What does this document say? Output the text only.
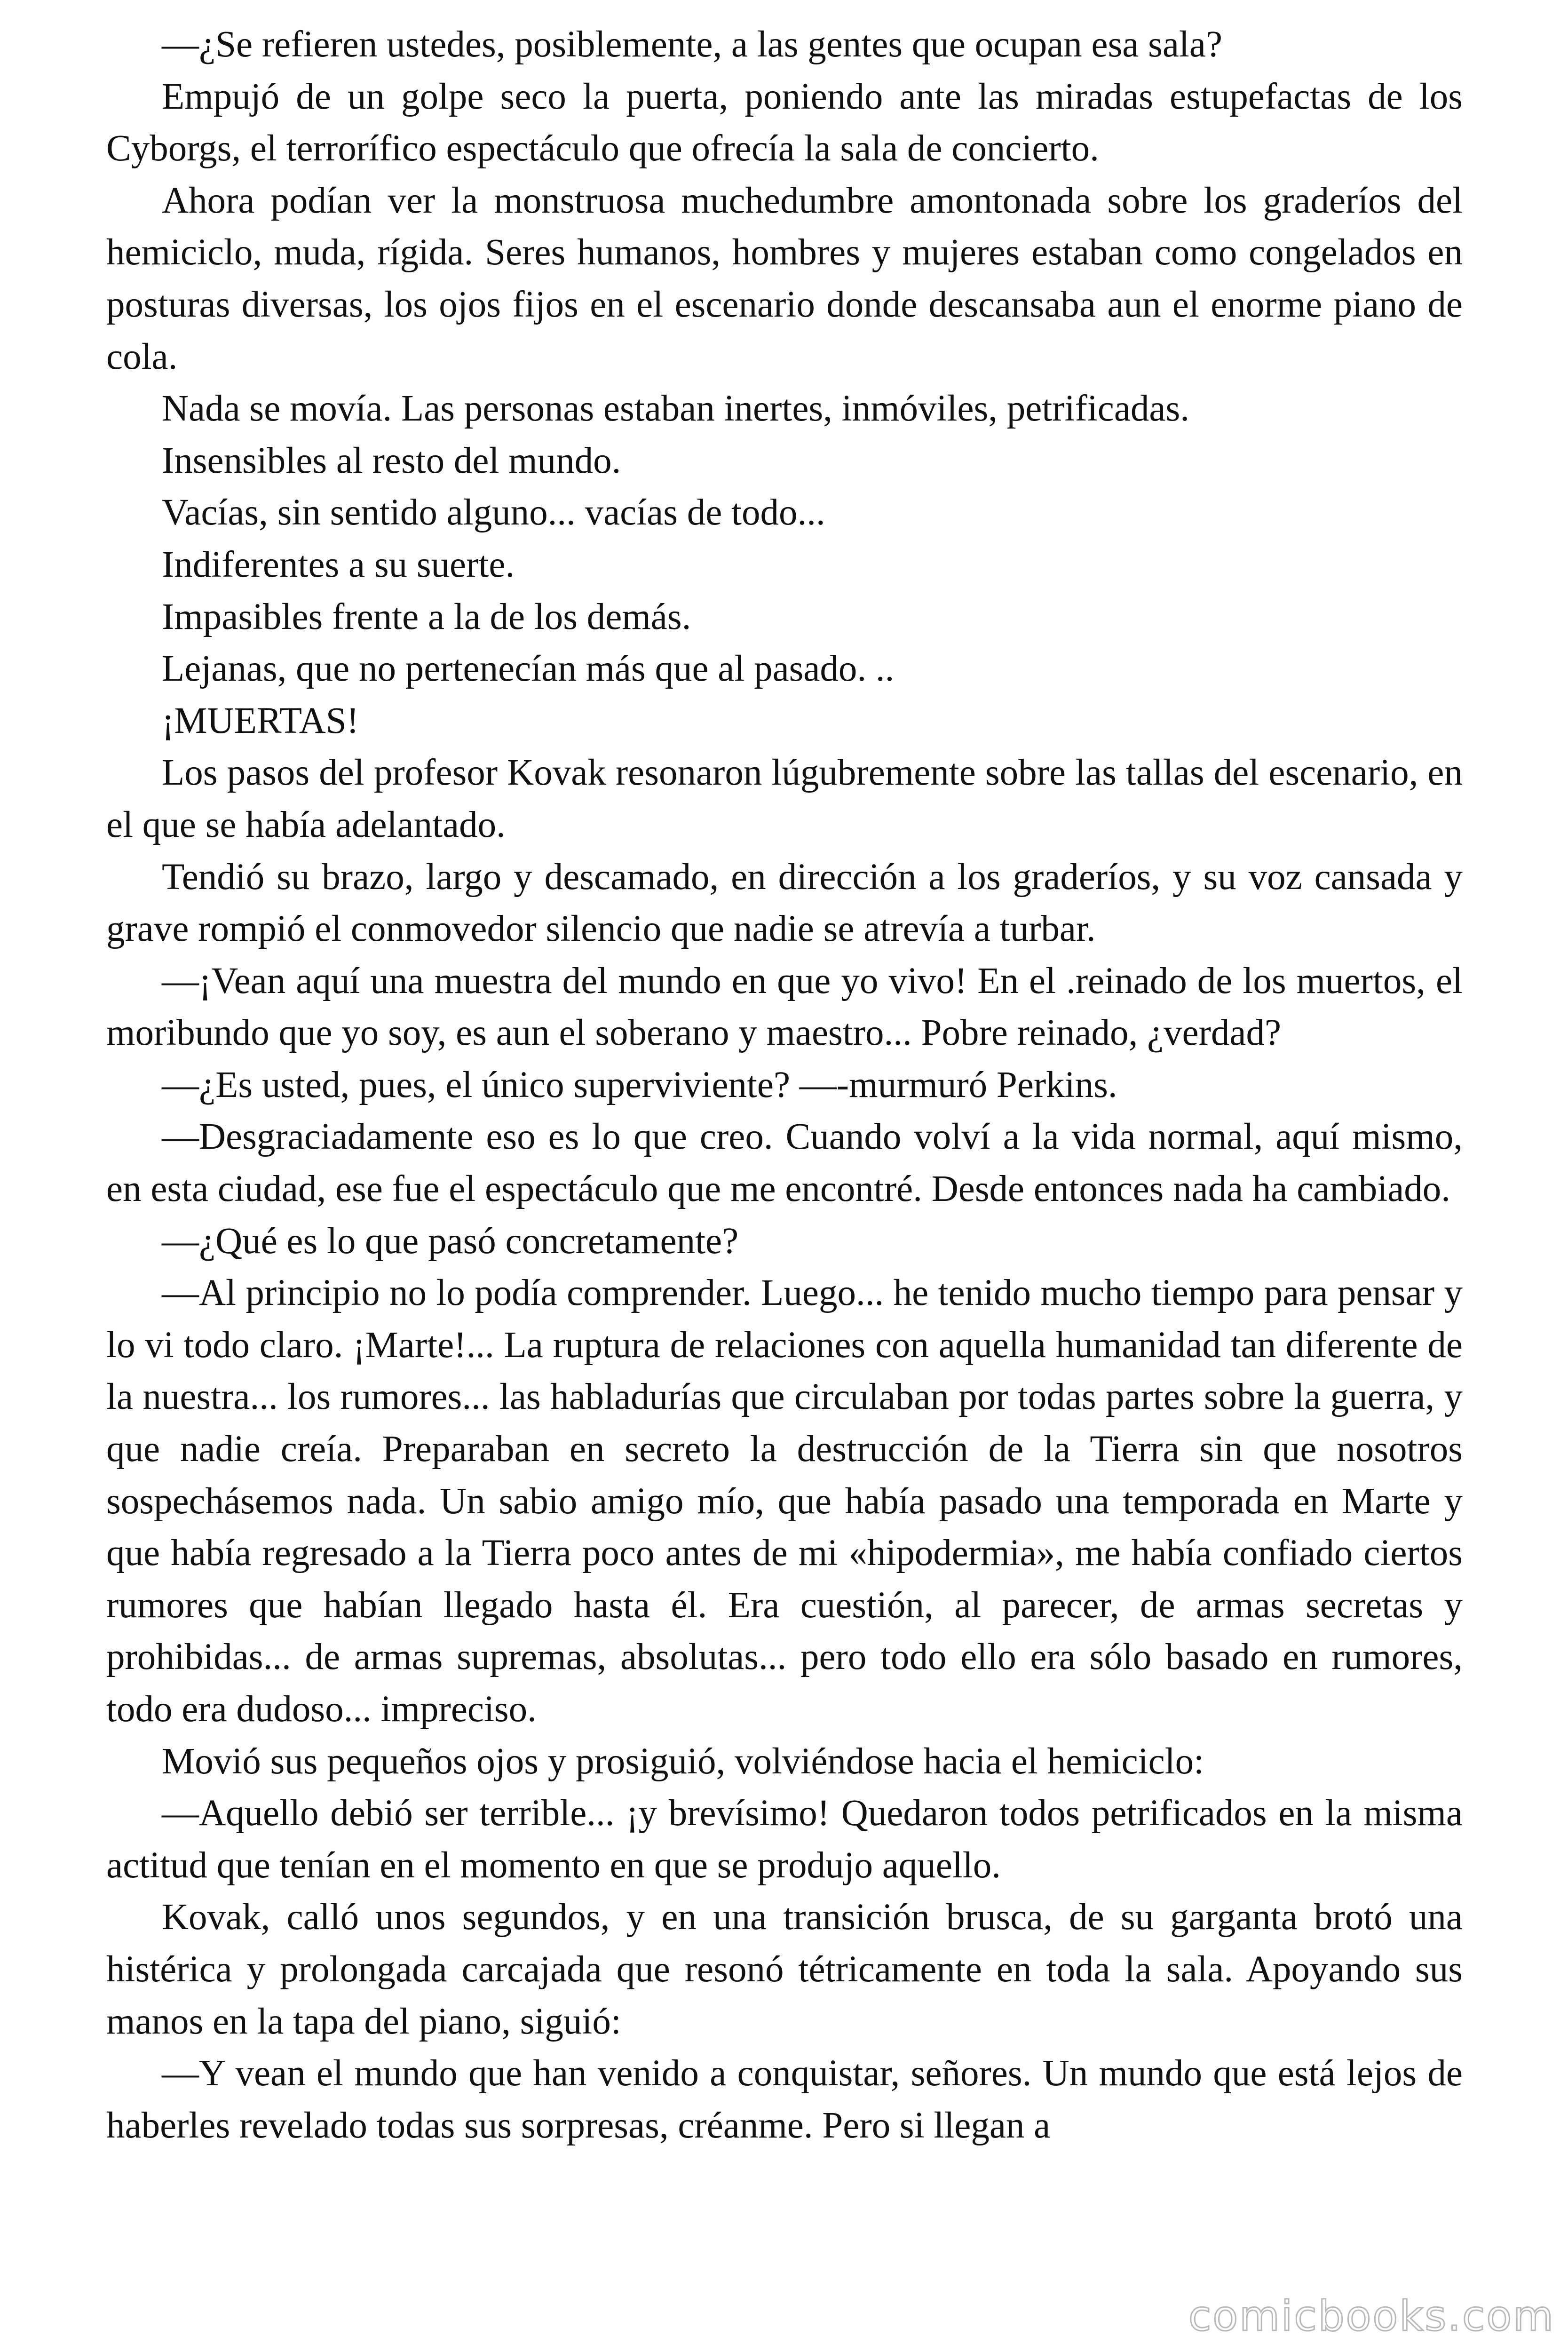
—¿Se refieren ustedes, posiblemente, a las gentes que ocupan esa sala?

Empujó de un golpe seco la puerta, poniendo ante las miradas estupefactas de los Cyborgs, el terrorífico espectáculo que ofrecía la sala de concierto.

Ahora podían ver la monstruosa muchedumbre amontonada sobre los graderíos del hemiciclo, muda, rígida. Seres humanos, hombres y mujeres estaban como congelados en posturas diversas, los ojos fijos en el escenario donde descansaba aun el enorme piano de cola.

Nada se movía. Las personas estaban inertes, inmóviles, petrificadas.

Insensibles al resto del mundo.

Vacías, sin sentido alguno... vacías de todo...

Indiferentes a su suerte.

Impasibles frente a la de los demás.

Lejanas, que no pertenecían más que al pasado. ..

¡MUERTAS!

Los pasos del profesor Kovak resonaron lúgubremente sobre las tallas del escenario, en el que se había adelantado.

Tendió su brazo, largo y descamado, en dirección a los graderíos, y su voz cansada y grave rompió el conmovedor silencio que nadie se atrevía a turbar.

—¡Vean aquí una muestra del mundo en que yo vivo! En el .reinado de los muertos, el moribundo que yo soy, es aun el soberano y maestro... Pobre reinado, ¿verdad?

—¿Es usted, pues, el único superviviente? —-murmuró Perkins.

—Desgraciadamente eso es lo que creo. Cuando volví a la vida normal, aquí mismo, en esta ciudad, ese fue el espectáculo que me encontré. Desde entonces nada ha cambiado.

—¿Qué es lo que pasó concretamente?

—Al principio no lo podía comprender. Luego... he tenido mucho tiempo para pensar y lo vi todo claro. ¡Marte!... La ruptura de relaciones con aquella humanidad tan diferente de la nuestra... los rumores... las habladurías que circulaban por todas partes sobre la guerra, y que nadie creía. Preparaban en secreto la destrucción de la Tierra sin que nosotros sospechásemos nada. Un sabio amigo mío, que había pasado una temporada en Marte y que había regresado a la Tierra poco antes de mi «hipodermia», me había confiado ciertos rumores que habían llegado hasta él. Era cuestión, al parecer, de armas secretas y prohibidas... de armas supremas, absolutas... pero todo ello era sólo basado en rumores, todo era dudoso... impreciso.

Movió sus pequeños ojos y prosiguió, volviéndose hacia el hemiciclo:

—Aquello debió ser terrible... ¡y brevísimo! Quedaron todos petrificados en la misma actitud que tenían en el momento en que se produjo aquello.

Kovak, calló unos segundos, y en una transición brusca, de su garganta brotó una histérica y prolongada carcajada que resonó tétricamente en toda la sala. Apoyando sus manos en la tapa del piano, siguió:

—Y vean el mundo que han venido a conquistar, señores. Un mundo que está lejos de haberles revelado todas sus sorpresas, créanme. Pero si llegan a

comicbooks.com
